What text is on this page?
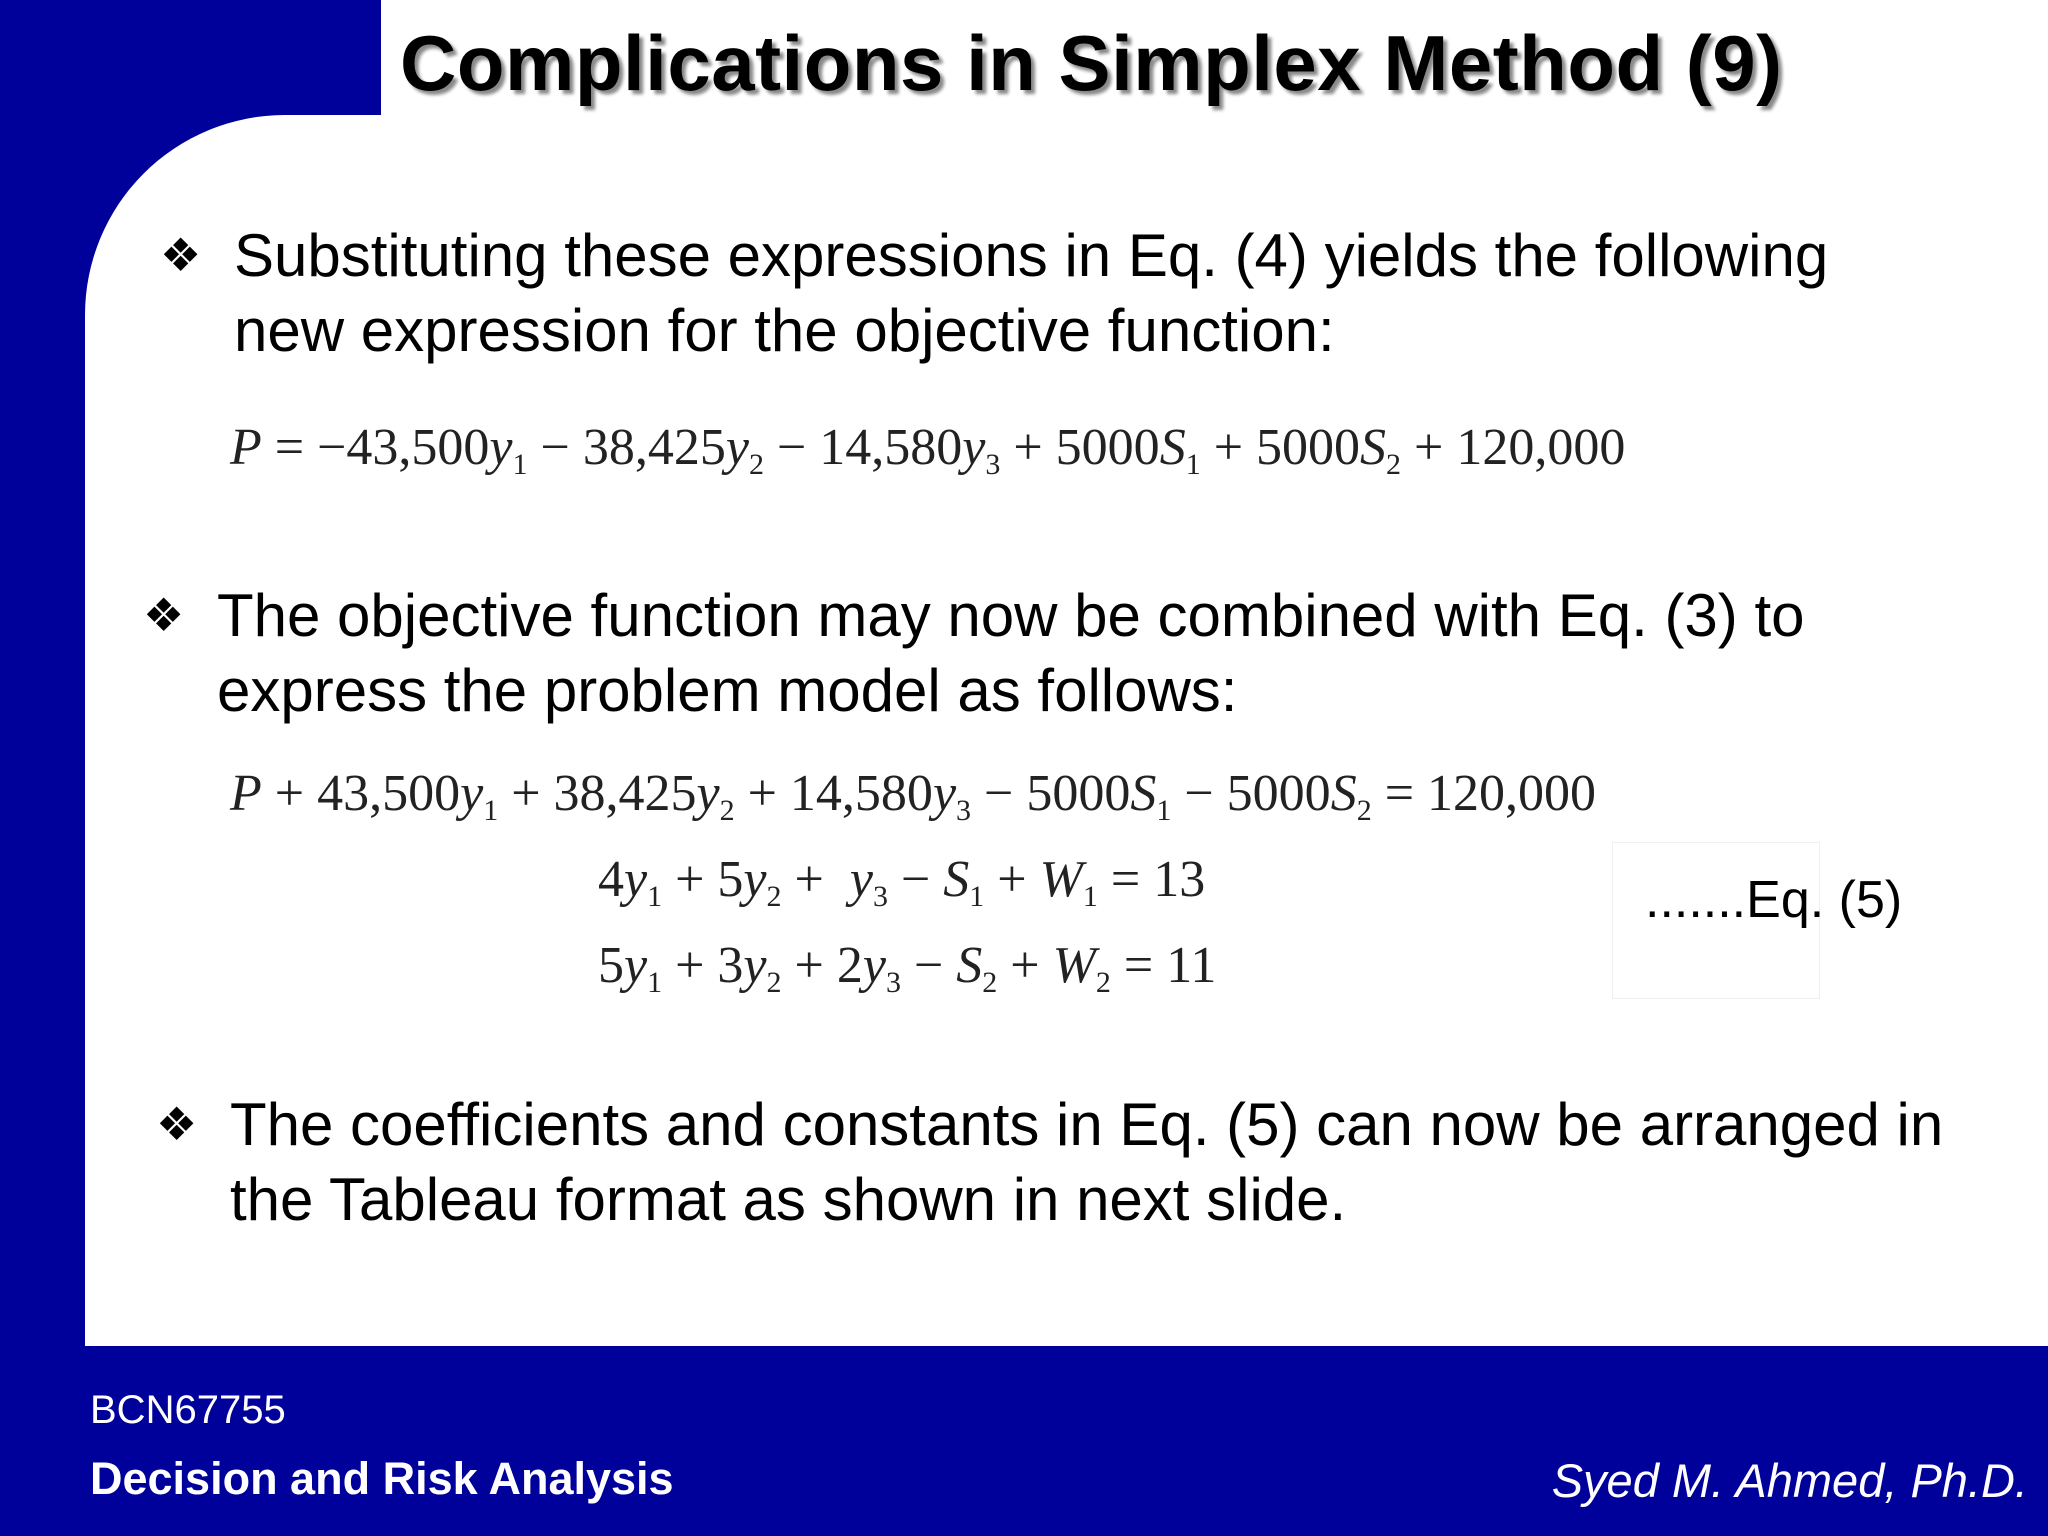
Complications in Simplex Method (9)
❖ Substituting these expressions in Eq. (4) yields the following
new expression for the objective function:
$P = -43,500y_1 - 38,425y_2 - 14,580y_3 + 5000S_1 + 5000S_2 + 120,000$
❖ The objective function may now be combined with Eq. (3) to
express the problem model as follows:
$P + 43,500y_1 + 38,425y_2 + 14,580y_3 - 5000S_1 - 5000S_2 = 120,000$
$4y_1 + 5y_2 + y_3 - S_1 + W_1 = 13$
$5y_1 + 3y_2 + 2y_3 - S_2 + W_2 = 11$
.......Eq. (5)
❖ The coefficients and constants in Eq. (5) can now be arranged in
the Tableau format as shown in next slide.
BCN67755
Decision and Risk Analysis	Syed M. Ahmed, Ph.D.
